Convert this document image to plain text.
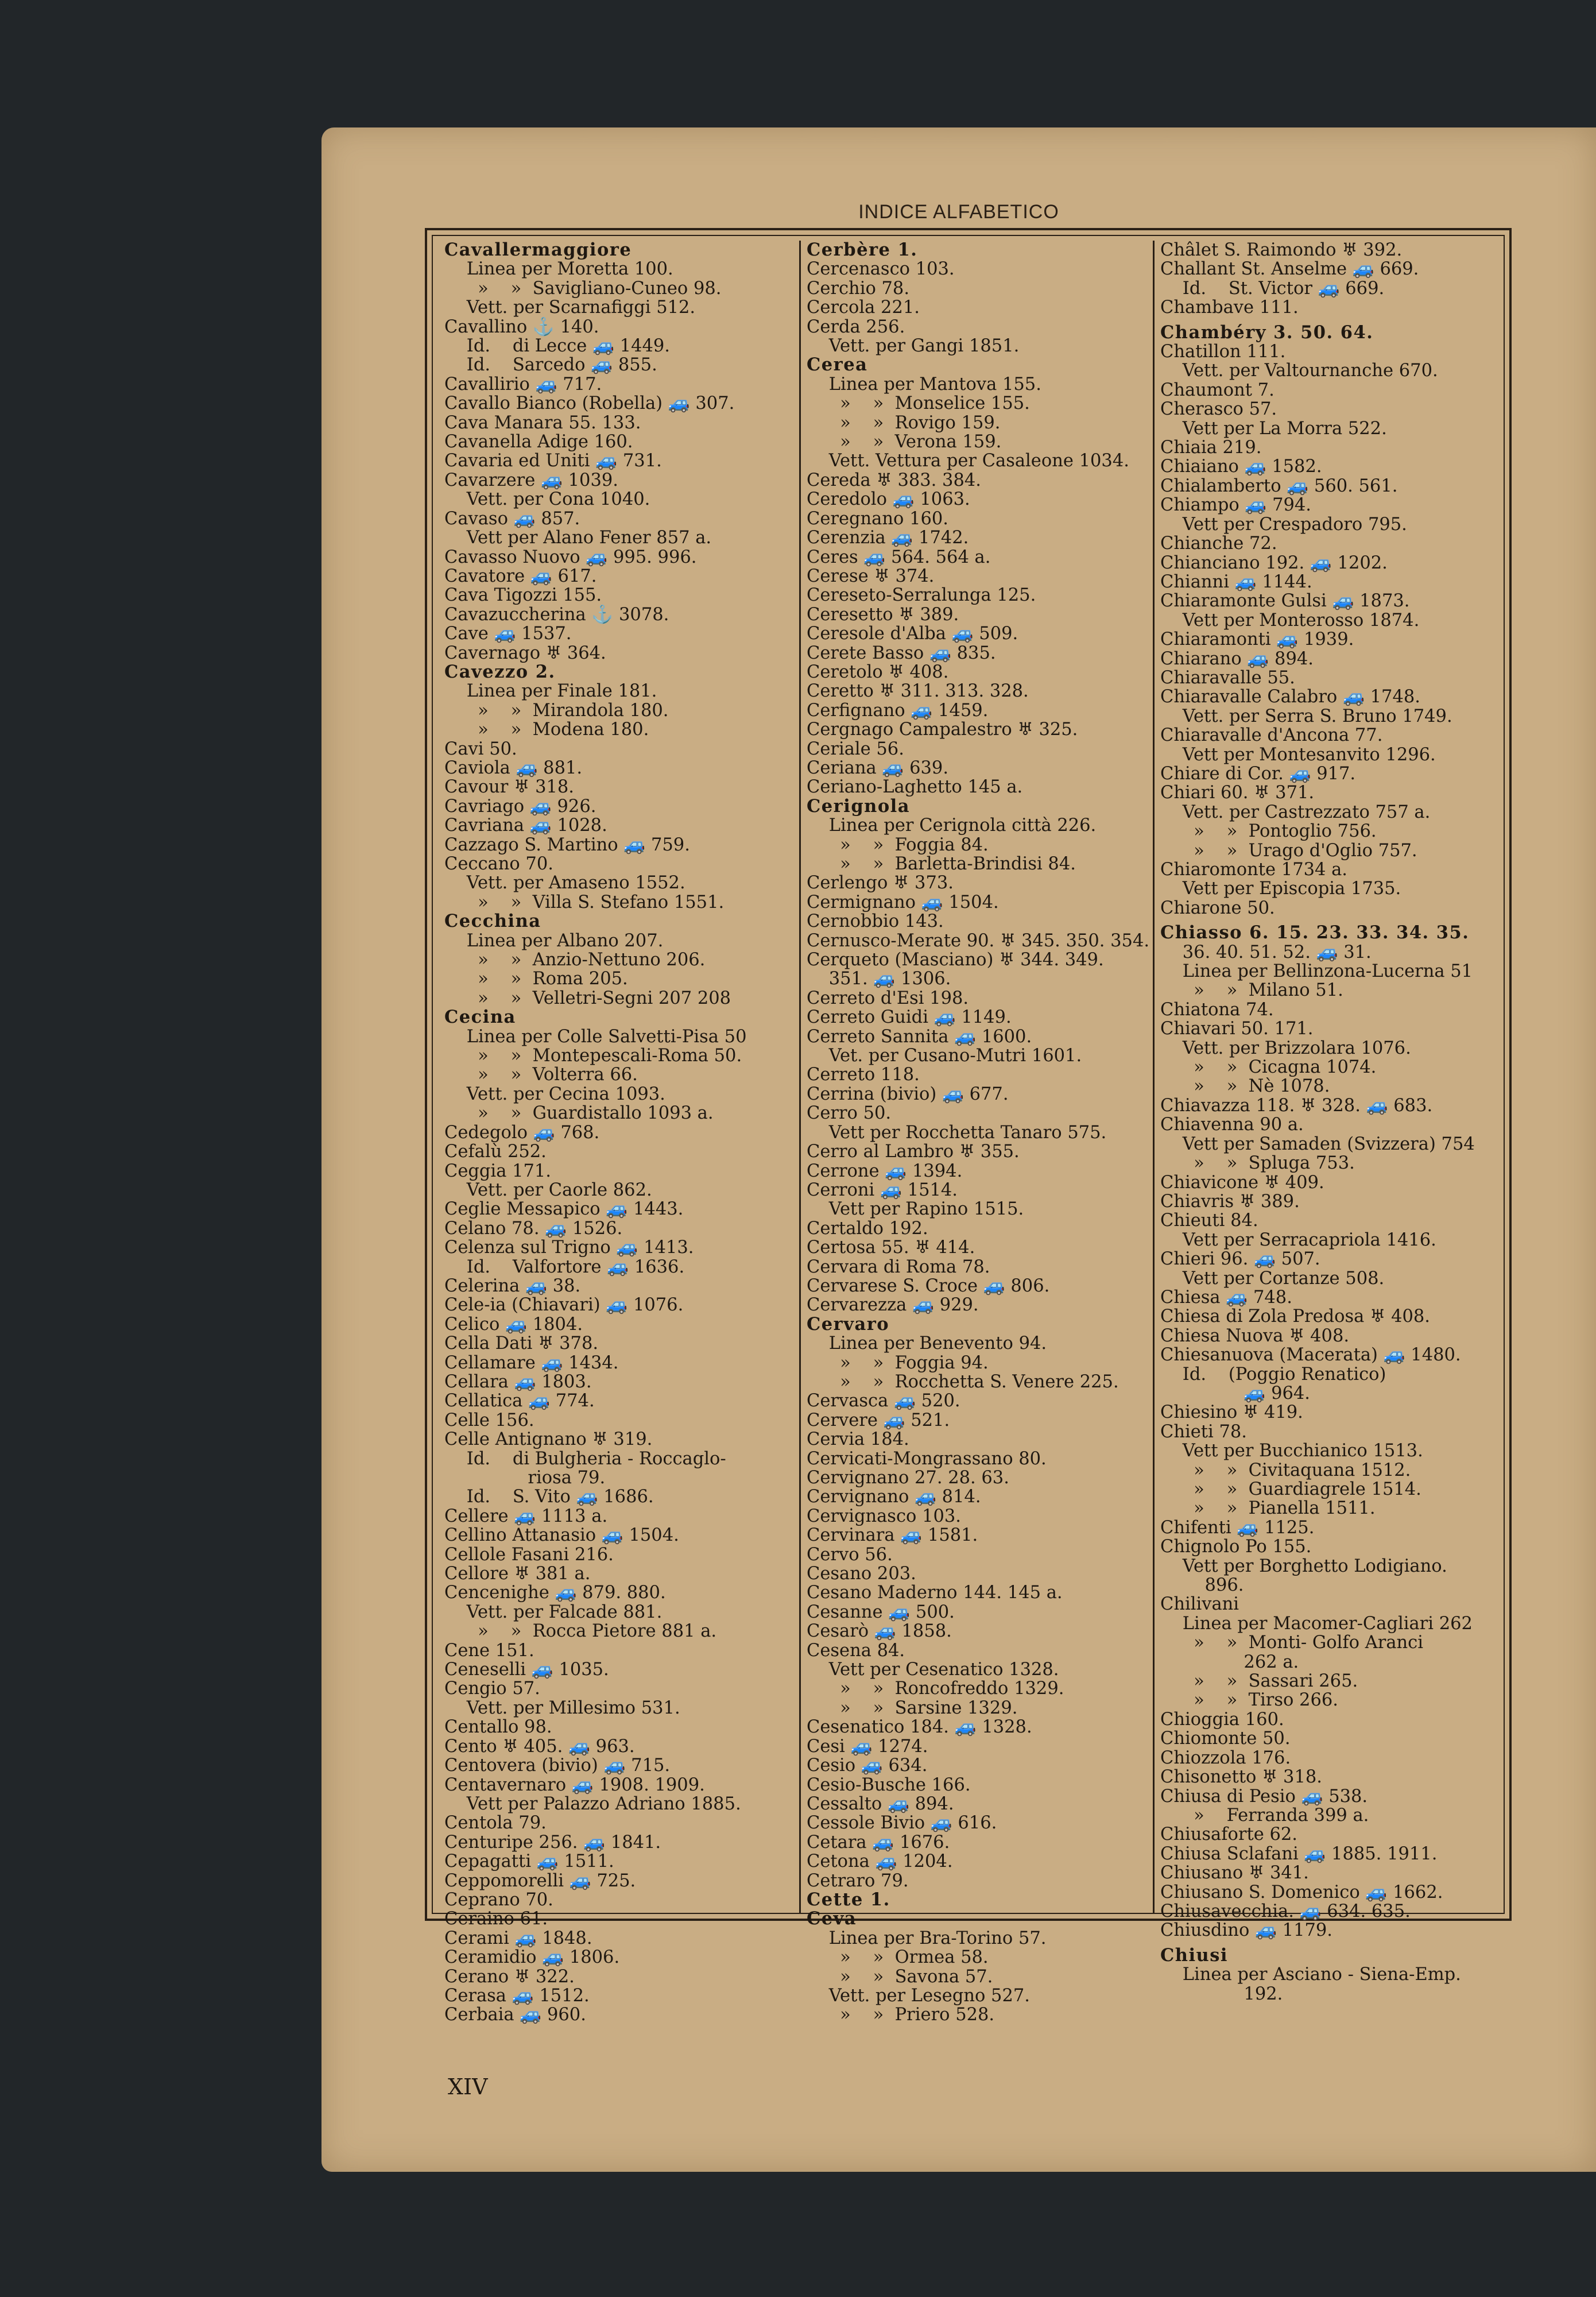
INDICE ALFABETICO
Cavallermaggiore
Linea per Moretta 100.
»    »  Savigliano-Cuneo 98.
Vett. per Scarnafiggi 512.
Cavallino ⚓ 140.
Id.    di Lecce 🚙 1449.
Id.    Sarcedo 🚙 855.
Cavallirio 🚙 717.
Cavallo Bianco (Robella) 🚙 307.
Cava Manara 55. 133.
Cavanella Adige 160.
Cavaria ed Uniti 🚙 731.
Cavarzere 🚙 1039.
Vett. per Cona 1040.
Cavaso 🚙 857.
Vett per Alano Fener 857 a.
Cavasso Nuovo 🚙 995. 996.
Cavatore 🚙 617.
Cava Tigozzi 155.
Cavazuccherina ⚓ 3078.
Cave 🚙 1537.
Cavernago ♅ 364.
Cavezzo 2.
Linea per Finale 181.
»    »  Mirandola 180.
»    »  Modena 180.
Cavi 50.
Caviola 🚙 881.
Cavour ♅ 318.
Cavriago 🚙 926.
Cavriana 🚙 1028.
Cazzago S. Martino 🚙 759.
Ceccano 70.
Vett. per Amaseno 1552.
»    »  Villa S. Stefano 1551.
Cecchina
Linea per Albano 207.
»    »  Anzio-Nettuno 206.
»    »  Roma 205.
»    »  Velletri-Segni 207 208
Cecina
Linea per Colle Salvetti-Pisa 50
»    »  Montepescali-Roma 50.
»    »  Volterra 66.
Vett. per Cecina 1093.
»    »  Guardistallo 1093 a.
Cedegolo 🚙 768.
Cefalù 252.
Ceggia 171.
Vett. per Caorle 862.
Ceglie Messapico 🚙 1443.
Celano 78. 🚙 1526.
Celenza sul Trigno 🚙 1413.
Id.    Valfortore 🚙 1636.
Celerina 🚙 38.
Cele-ia (Chiavari) 🚙 1076.
Celico 🚙 1804.
Cella Dati ♅ 378.
Cellamare 🚙 1434.
Cellara 🚙 1803.
Cellatica 🚙 774.
Celle 156.
Celle Antignano ♅ 319.
Id.    di Bulgheria - Roccaglo-
riosa 79.
Id.    S. Vito 🚙 1686.
Cellere 🚙 1113 a.
Cellino Attanasio 🚙 1504.
Cellole Fasani 216.
Cellore ♅ 381 a.
Cencenighe 🚙 879. 880.
Vett. per Falcade 881.
»    »  Rocca Pietore 881 a.
Cene 151.
Ceneselli 🚙 1035.
Cengio 57.
Vett. per Millesimo 531.
Centallo 98.
Cento ♅ 405. 🚙 963.
Centovera (bivio) 🚙 715.
Centavernaro 🚙 1908. 1909.
Vett per Palazzo Adriano 1885.
Centola 79.
Centuripe 256. 🚙 1841.
Cepagatti 🚙 1511.
Ceppomorelli 🚙 725.
Ceprano 70.
Ceraino 61.
Cerami 🚙 1848.
Ceramidio 🚙 1806.
Cerano ♅ 322.
Cerasa 🚙 1512.
Cerbaia 🚙 960.
Cerbère 1.
Cercenasco 103.
Cerchio 78.
Cercola 221.
Cerda 256.
Vett. per Gangi 1851.
Cerea
Linea per Mantova 155.
»    »  Monselice 155.
»    »  Rovigo 159.
»    »  Verona 159.
Vett. Vettura per Casaleone 1034.
Cereda ♅ 383. 384.
Ceredolo 🚙 1063.
Ceregnano 160.
Cerenzia 🚙 1742.
Ceres 🚙 564. 564 a.
Cerese ♅ 374.
Cereseto-Serralunga 125.
Ceresetto ♅ 389.
Ceresole d'Alba 🚙 509.
Cerete Basso 🚙 835.
Ceretolo ♅ 408.
Ceretto ♅ 311. 313. 328.
Cerfignano 🚙 1459.
Cergnago Campalestro ♅ 325.
Ceriale 56.
Ceriana 🚙 639.
Ceriano-Laghetto 145 a.
Cerignola
Linea per Cerignola città 226.
»    »  Foggia 84.
»    »  Barletta-Brindisi 84.
Cerlengo ♅ 373.
Cermignano 🚙 1504.
Cernobbio 143.
Cernusco-Merate 90. ♅ 345. 350. 354.
Cerqueto (Masciano) ♅ 344. 349.
351. 🚙 1306.
Cerreto d'Esi 198.
Cerreto Guidi 🚙 1149.
Cerreto Sannita 🚙 1600.
Vet. per Cusano-Mutri 1601.
Cerreto 118.
Cerrina (bivio) 🚙 677.
Cerro 50.
Vett per Rocchetta Tanaro 575.
Cerro al Lambro ♅ 355.
Cerrone 🚙 1394.
Cerroni 🚙 1514.
Vett per Rapino 1515.
Certaldo 192.
Certosa 55. ♅ 414.
Cervara di Roma 78.
Cervarese S. Croce 🚙 806.
Cervarezza 🚙 929.
Cervaro
Linea per Benevento 94.
»    »  Foggia 94.
»    »  Rocchetta S. Venere 225.
Cervasca 🚙 520.
Cervere 🚙 521.
Cervia 184.
Cervicati-Mongrassano 80.
Cervignano 27. 28. 63.
Cervignano 🚙 814.
Cervignasco 103.
Cervinara 🚙 1581.
Cervo 56.
Cesano 203.
Cesano Maderno 144. 145 a.
Cesanne 🚙 500.
Cesarò 🚙 1858.
Cesena 84.
Vett per Cesenatico 1328.
»    »  Roncofreddo 1329.
»    »  Sarsine 1329.
Cesenatico 184. 🚙 1328.
Cesi 🚙 1274.
Cesio 🚙 634.
Cesio-Busche 166.
Cessalto 🚙 894.
Cessole Bivio 🚙 616.
Cetara 🚙 1676.
Cetona 🚙 1204.
Cetraro 79.
Cette 1.
Ceva
Linea per Bra-Torino 57.
»    »  Ormea 58.
»    »  Savona 57.
Vett. per Lesegno 527.
»    »  Priero 528.
Châlet S. Raimondo ♅ 392.
Challant St. Anselme 🚙 669.
Id.    St. Victor 🚙 669.
Chambave 111.
Chambéry 3. 50. 64.
Chatillon 111.
Vett. per Valtournanche 670.
Chaumont 7.
Cherasco 57.
Vett per La Morra 522.
Chiaia 219.
Chiaiano 🚙 1582.
Chialamberto 🚙 560. 561.
Chiampo 🚙 794.
Vett per Crespadoro 795.
Chianche 72.
Chianciano 192. 🚙 1202.
Chianni 🚙 1144.
Chiaramonte Gulsi 🚙 1873.
Vett per Monterosso 1874.
Chiaramonti 🚙 1939.
Chiarano 🚙 894.
Chiaravalle 55.
Chiaravalle Calabro 🚙 1748.
Vett. per Serra S. Bruno 1749.
Chiaravalle d'Ancona 77.
Vett per Montesanvito 1296.
Chiare di Cor. 🚙 917.
Chiari 60. ♅ 371.
Vett. per Castrezzato 757 a.
»    »  Pontoglio 756.
»    »  Urago d'Oglio 757.
Chiaromonte 1734 a.
Vett per Episcopia 1735.
Chiarone 50.
Chiasso 6. 15. 23. 33. 34. 35.
36. 40. 51. 52. 🚙 31.
Linea per Bellinzona-Lucerna 51
»    »  Milano 51.
Chiatona 74.
Chiavari 50. 171.
Vett. per Brizzolara 1076.
»    »  Cicagna 1074.
»    »  Nè 1078.
Chiavazza 118. ♅ 328. 🚙 683.
Chiavenna 90 a.
Vett per Samaden (Svizzera) 754
»    »  Spluga 753.
Chiavicone ♅ 409.
Chiavris ♅ 389.
Chieuti 84.
Vett per Serracapriola 1416.
Chieri 96. 🚙 507.
Vett per Cortanze 508.
Chiesa 🚙 748.
Chiesa di Zola Predosa ♅ 408.
Chiesa Nuova ♅ 408.
Chiesanuova (Macerata) 🚙 1480.
Id.    (Poggio Renatico)
🚙 964.
Chiesino ♅ 419.
Chieti 78.
Vett per Bucchianico 1513.
»    »  Civitaquana 1512.
»    »  Guardiagrele 1514.
»    »  Pianella 1511.
Chifenti 🚙 1125.
Chignolo Po 155.
Vett per Borghetto Lodigiano.
896.
Chilivani
Linea per Macomer-Cagliari 262
»    »  Monti- Golfo Aranci
262 a.
»    »  Sassari 265.
»    »  Tirso 266.
Chioggia 160.
Chiomonte 50.
Chiozzola 176.
Chisonetto ♅ 318.
Chiusa di Pesio 🚙 538.
»    Ferranda 399 a.
Chiusaforte 62.
Chiusa Sclafani 🚙 1885. 1911.
Chiusano ♅ 341.
Chiusano S. Domenico 🚙 1662.
Chiusavecchia. 🚙 634. 635.
Chiusdino 🚙 1179.
Chiusi
Linea per Asciano - Siena-Emp.
192.
XIV
